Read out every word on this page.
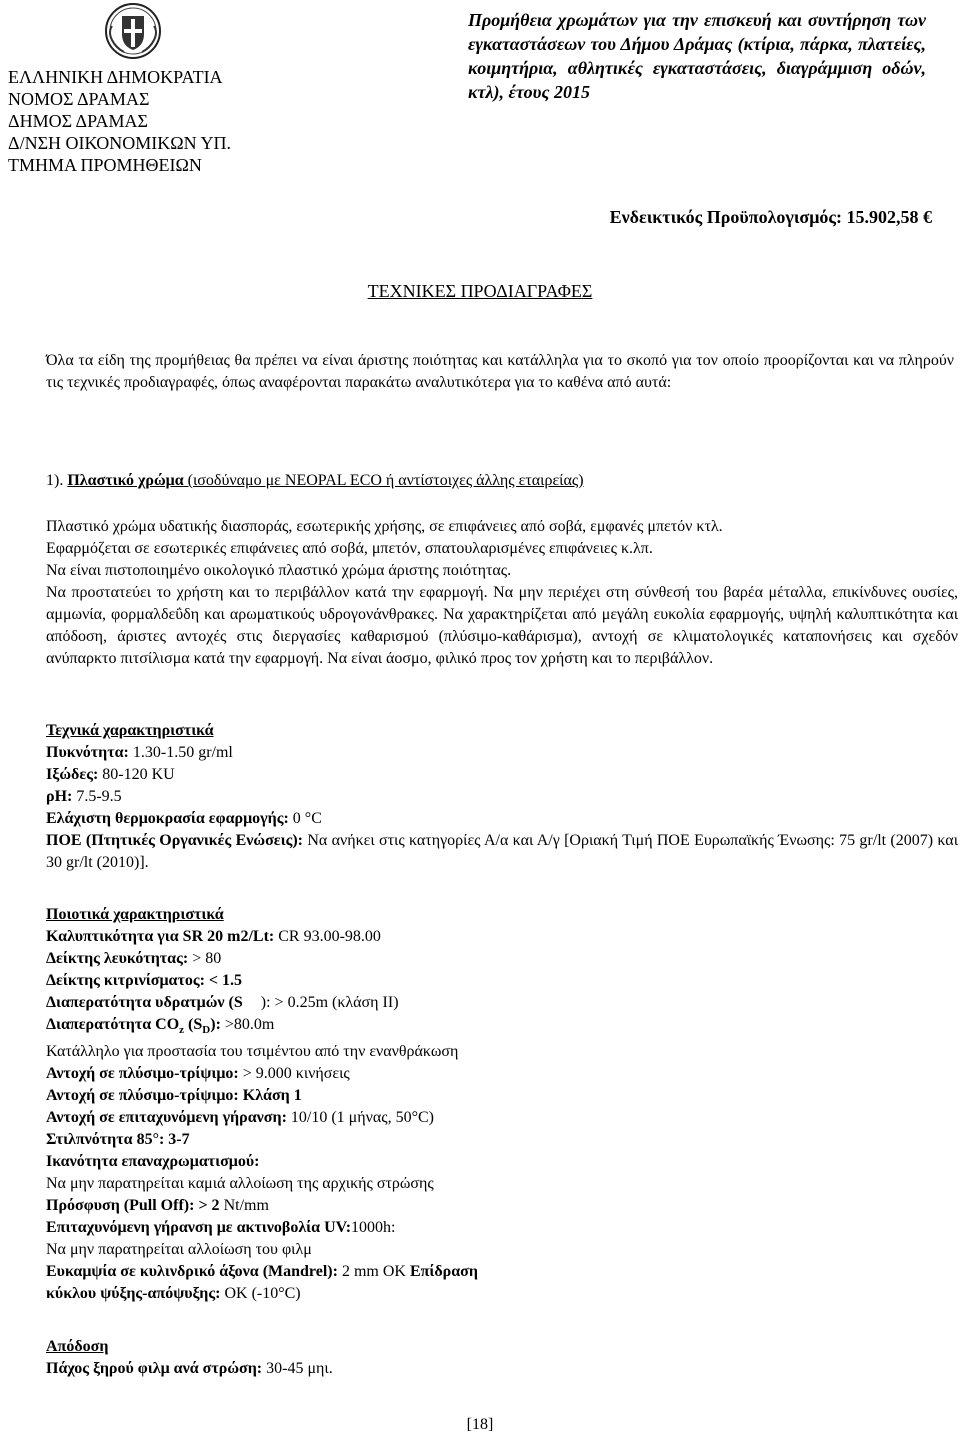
ΕΛΛΗΝΙΚΗ ΔΗΜΟΚΡΑΤΙΑ
ΝΟΜΟΣ ΔΡΑΜΑΣ
ΔΗΜΟΣ ΔΡΑΜΑΣ
Δ/ΝΣΗ ΟΙΚΟΝΟΜΙΚΩΝ ΥΠ.
ΤΜΗΜΑ ΠΡΟΜΗΘΕΙΩΝ
Προμήθεια χρωμάτων για την επισκευή και συντήρηση των εγκαταστάσεων του Δήμου Δράμας (κτίρια, πάρκα, πλατείες, κοιμητήρια, αθλητικές εγκαταστάσεις, διαγράμμιση οδών, κτλ), έτους 2015
Ενδεικτικός Προϋπολογισμός: 15.902,58 €
ΤΕΧΝΙΚΕΣ ΠΡΟΔΙΑΓΡΑΦΕΣ
Όλα τα είδη της προμήθειας θα πρέπει να είναι άριστης ποιότητας και κατάλληλα για το σκοπό για τον οποίο προορίζονται και να πληρούν τις τεχνικές προδιαγραφές, όπως αναφέρονται παρακάτω αναλυτικότερα για το καθένα από αυτά:
1). Πλαστικό χρώμα (ισοδύναμο με NEOPAL ECO ή αντίστοιχες άλλης εταιρείας)

Πλαστικό χρώμα υδατικής διασποράς, εσωτερικής χρήσης, σε επιφάνειες από σοβά, εμφανές μπετόν κτλ.

Εφαρμόζεται σε εσωτερικές επιφάνειες από σοβά, μπετόν, σπατουλαρισμένες επιφάνειες κ.λπ.

Να είναι πιστοποιημένο οικολογικό πλαστικό χρώμα άριστης ποιότητας.

Να προστατεύει το χρήστη και το περιβάλλον κατά την εφαρμογή. Να μην περιέχει στη σύνθεσή του βαρέα μέταλλα, επικίνδυνες ουσίες, αμμωνία, φορμαλδεΰδη και αρωματικούς υδρογονάνθρακες. Να χαρακτηρίζεται από μεγάλη ευκολία εφαρμογής, υψηλή καλυπτικότητα και απόδοση, άριστες αντοχές στις διεργασίες καθαρισμού (πλύσιμο-καθάρισμα), αντοχή σε κλιματολογικές καταπονήσεις και σχεδόν ανύπαρκτο πιτσίλισμα κατά την εφαρμογή. Να είναι άοσμο, φιλικό προς τον χρήστη και το περιβάλλον.

Τεχνικά χαρακτηριστικά
Πυκνότητα: 1.30-1.50 gr/ml
Ιξώδες: 80-120 KU
ρH: 7.5-9.5
Ελάχιστη θερμοκρασία εφαρμογής: 0 °C
ΠΟΕ (Πτητικές Οργανικές Ενώσεις): Να ανήκει στις κατηγορίες Α/α και Α/γ [Οριακή Τιμή ΠΟΕ Ευρωπαϊκής Ένωσης: 75 gr/lt (2007) και 30 gr/lt (2010)].
Ποιοτικά χαρακτηριστικά
Καλυπτικότητα για SR 20 m2/Lt: CR 93.00-98.00
Δείκτης λευκότητας: > 80
Δείκτης κιτρινίσματος: < 1.5
Διαπερατότητα υδρατμών (S ): > 0.25m (κλάση ΙΙ)
Διαπερατότητα $CO_z$ $(S_D)$: >80.0m
Κατάλληλο για προστασία του τσιμέντου από την ενανθράκωση
Αντοχή σε πλύσιμο-τρίψιμο: > 9.000 κινήσεις
Αντοχή σε πλύσιμο-τρίψιμο: Κλάση 1
Αντοχή σε επιταχυνόμενη γήρανση: 10/10 (1 μήνας, 50°C)
Στιλπνότητα 85°: 3-7
Ικανότητα επαναχρωματισμού:
Να μην παρατηρείται καμιά αλλοίωση της αρχικής στρώσης
Πρόσφυση (Pull Off): > 2 Nt/mm
Επιταχυνόμενη γήρανση με ακτινοβολία UV:1000h:
Να μην παρατηρείται αλλοίωση του φιλμ
Ευκαμψία σε κυλινδρικό άξονα (Mandrel): 2 mm OK Επίδραση
κύκλου ψύξης-απόψυξης: OK (-10°C)
Απόδοση
Πάχος ξηρού φιλμ ανά στρώση: 30-45 μηι.
[18]
